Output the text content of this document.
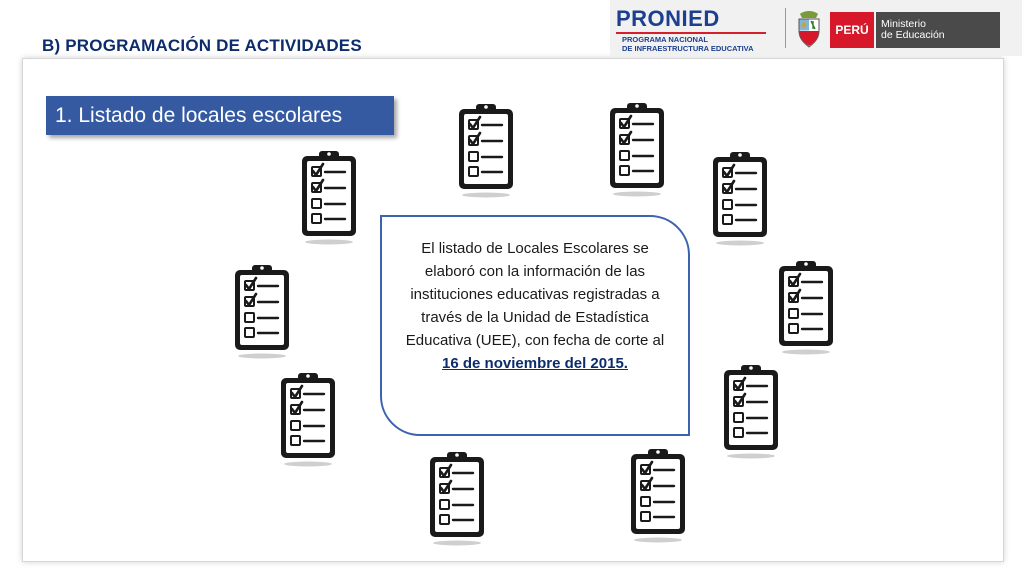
B) PROGRAMACIÓN DE ACTIVIDADES
PRONIED
PROGRAMA NACIONAL
DE INFRAESTRUCTURA EDUCATIVA
PERÚ	Ministerio
de Educación
1. Listado de locales escolares
El listado de Locales Escolares se elaboró con la información de las instituciones educativas registradas a través de la Unidad de Estadística Educativa (UEE), con fecha de corte al 16 de noviembre del 2015.
